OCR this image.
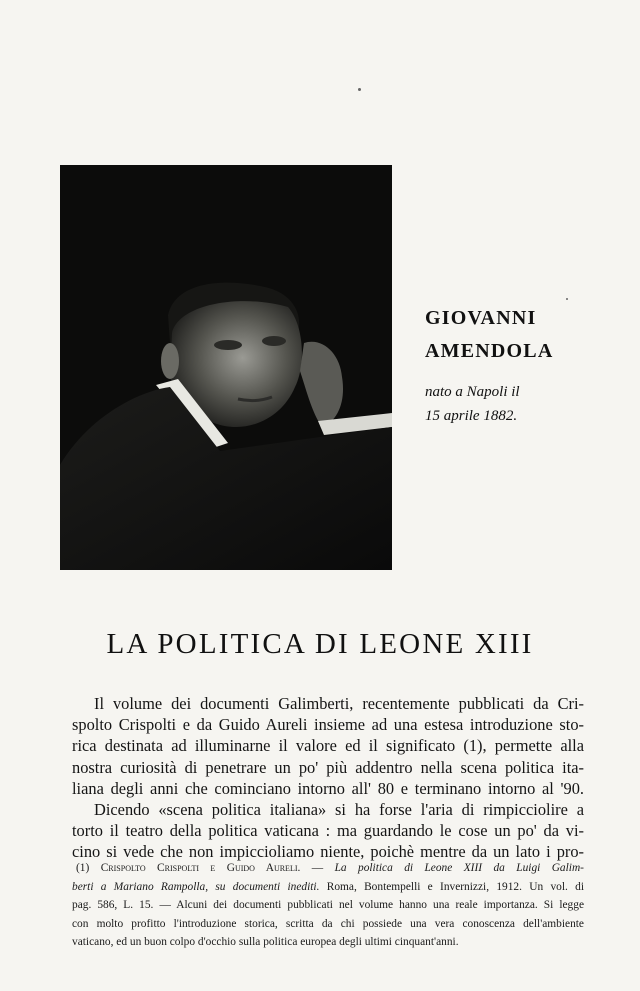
GIOVANNI
AMENDOLA
nato a Napoli il
15 aprile 1882.
LA POLITICA DI LEONE XIII
Il volume dei documenti Galimberti, recentemente pubblicati da Cri-
spolto Crispolti e da Guido Aureli insieme ad una estesa introduzione sto-
rica destinata ad illuminarne il valore ed il significato (1), permette alla
nostra curiosità di penetrare un po' più addentro nella scena politica ita-
liana degli anni che cominciano intorno all' 80 e terminano intorno al '90.
Dicendo «scena politica italiana» si ha forse l'aria di rimpicciolire a
torto il teatro della politica vaticana : ma guardando le cose un po' da vi-
cino si vede che non impiccioliamo niente, poichè mentre da un lato i pro-
(1) Crispolto Crispolti e Guido Aureli. — La politica di Leone XIII da Luigi Galim-
berti a Mariano Rampolla, su documenti inediti. Roma, Bontempelli e Invernizzi, 1912. Un vol. di
pag. 586, L. 15. — Alcuni dei documenti pubblicati nel volume hanno una reale importanza. Si legge
con molto profitto l'introduzione storica, scritta da chi possiede una vera conoscenza dell'ambiente
vaticano, ed un buon colpo d'occhio sulla politica europea degli ultimi cinquant'anni.
